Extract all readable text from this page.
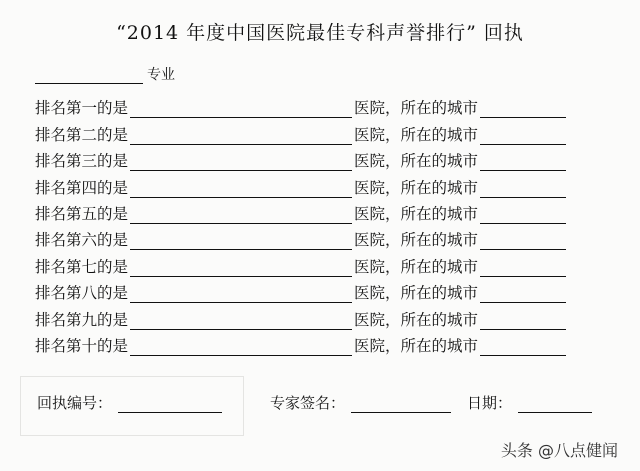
“2014 年度中国医院最佳专科声誉排行” 回执
专业
排名第一的是	医院，所在的城市
排名第二的是	医院，所在的城市
排名第三的是	医院，所在的城市
排名第四的是	医院，所在的城市
排名第五的是	医院，所在的城市
排名第六的是	医院，所在的城市
排名第七的是	医院，所在的城市
排名第八的是	医院，所在的城市
排名第九的是	医院，所在的城市
排名第十的是	医院，所在的城市
回执编号：	专家签名：	日期：
头条 @八点健闻
